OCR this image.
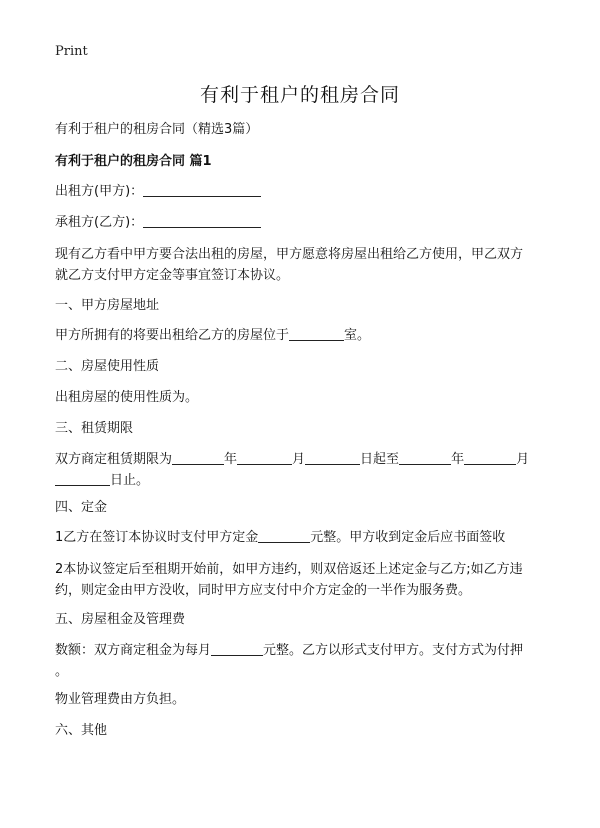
Print
有利于租户的租房合同
有利于租户的租房合同（精选3篇）
有利于租户的租房合同 篇1
出租方(甲方)：
承租方(乙方)：
现有乙方看中甲方要合法出租的房屋，甲方愿意将房屋出租给乙方使用，甲乙双方
就乙方支付甲方定金等事宜签订本协议。
一、甲方房屋地址
甲方所拥有的将要出租给乙方的房屋位于	室。
二、房屋使用性质
出租房屋的使用性质为。
三、租赁期限
双方商定租赁期限为	年	月	日起至	年	月
日止。
四、定金
1乙方在签订本协议时支付甲方定金	元整。甲方收到定金后应书面签收
2本协议签定后至租期开始前，如甲方违约，则双倍返还上述定金与乙方;如乙方违
约，则定金由甲方没收，同时甲方应支付中介方定金的一半作为服务费。
五、房屋租金及管理费
数额：双方商定租金为每月	元整。乙方以形式支付甲方。支付方式为付押
。
物业管理费由方负担。
六、其他
